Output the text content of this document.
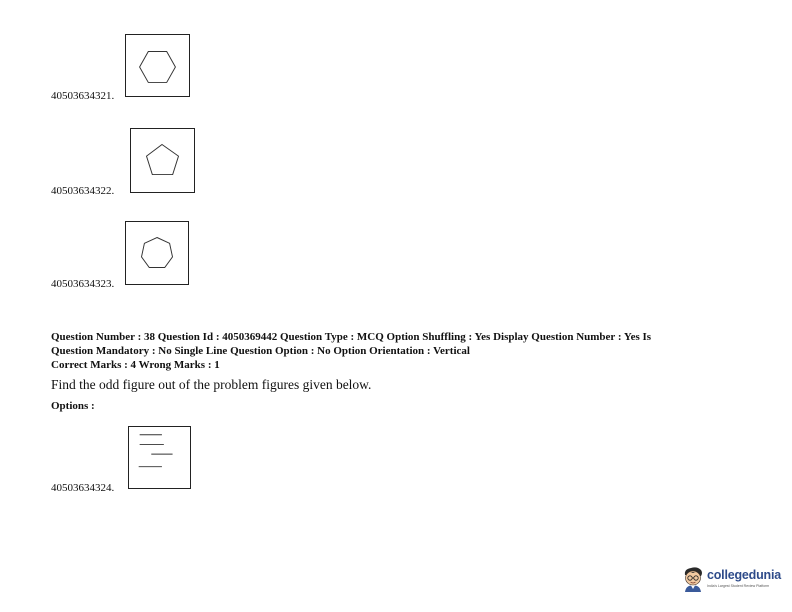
40503634321.
40503634322.
40503634323.
Question Number : 38 Question Id : 4050369442 Question Type : MCQ Option Shuffling : Yes Display Question Number : Yes Is
Question Mandatory : No Single Line Question Option : No Option Orientation : Vertical
Correct Marks : 4 Wrong Marks : 1
Find the odd figure out of the problem figures given below.
Options :
40503634324.
collegedunia
India's Largest Student Review Platform
